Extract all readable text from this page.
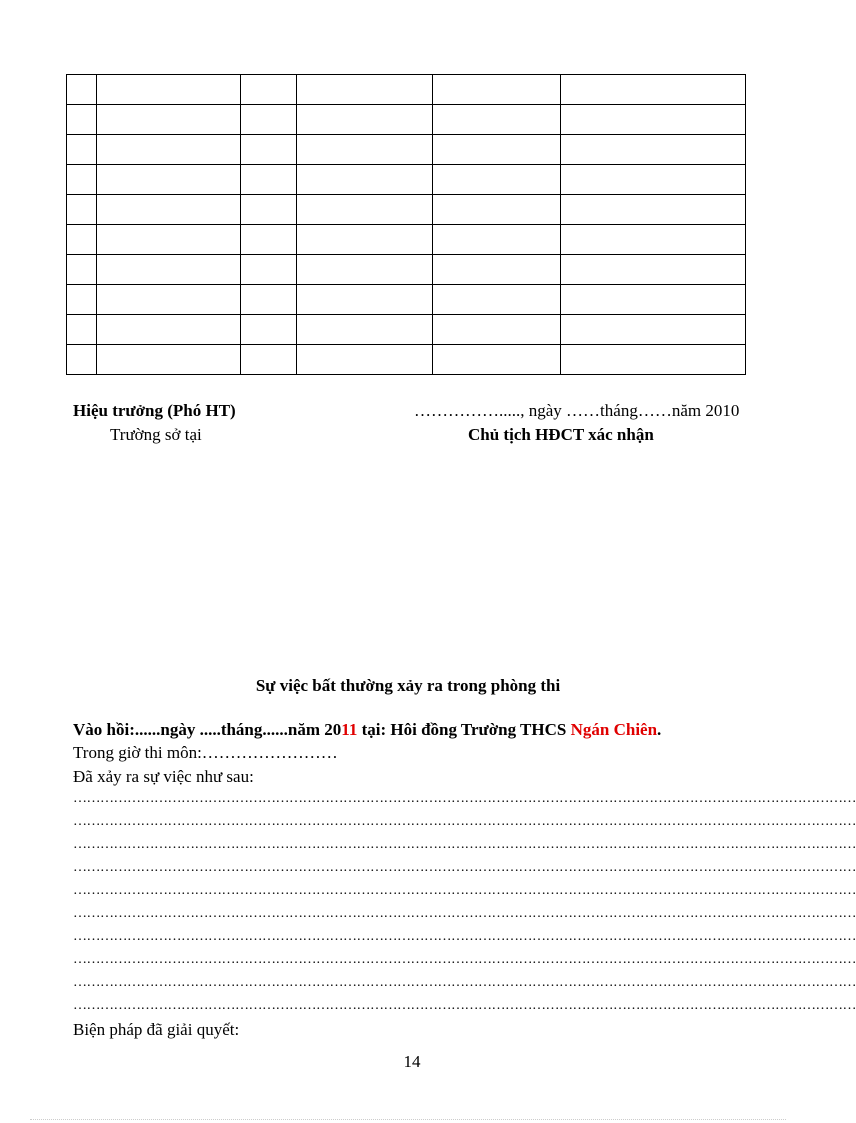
Hiệu trưởng (Phó HT)
Trường sở tại
……………....., ngày ……tháng……năm 2010
Chủ tịch HĐCT xác nhận
Sự việc bất thường xảy ra trong phòng thi
Vào hồi:......ngày .....tháng......năm 2011 tại: Hôi đồng Trường THCS Ngán Chiên.
Trong giờ thi môn:……………………
Đã xảy ra sự việc như sau:
…………………………………………………………………………………………………………………………………………………………
…………………………………………………………………………………………………………………………………………………………
…………………………………………………………………………………………………………………………………………………………
…………………………………………………………………………………………………………………………………………………………
…………………………………………………………………………………………………………………………………………………………
…………………………………………………………………………………………………………………………………………………………
…………………………………………………………………………………………………………………………………………………………
…………………………………………………………………………………………………………………………………………………………
…………………………………………………………………………………………………………………………………………………………
…………………………………………………………………………………………………………………………………………………………
Biện pháp đã giải quyết:
14
